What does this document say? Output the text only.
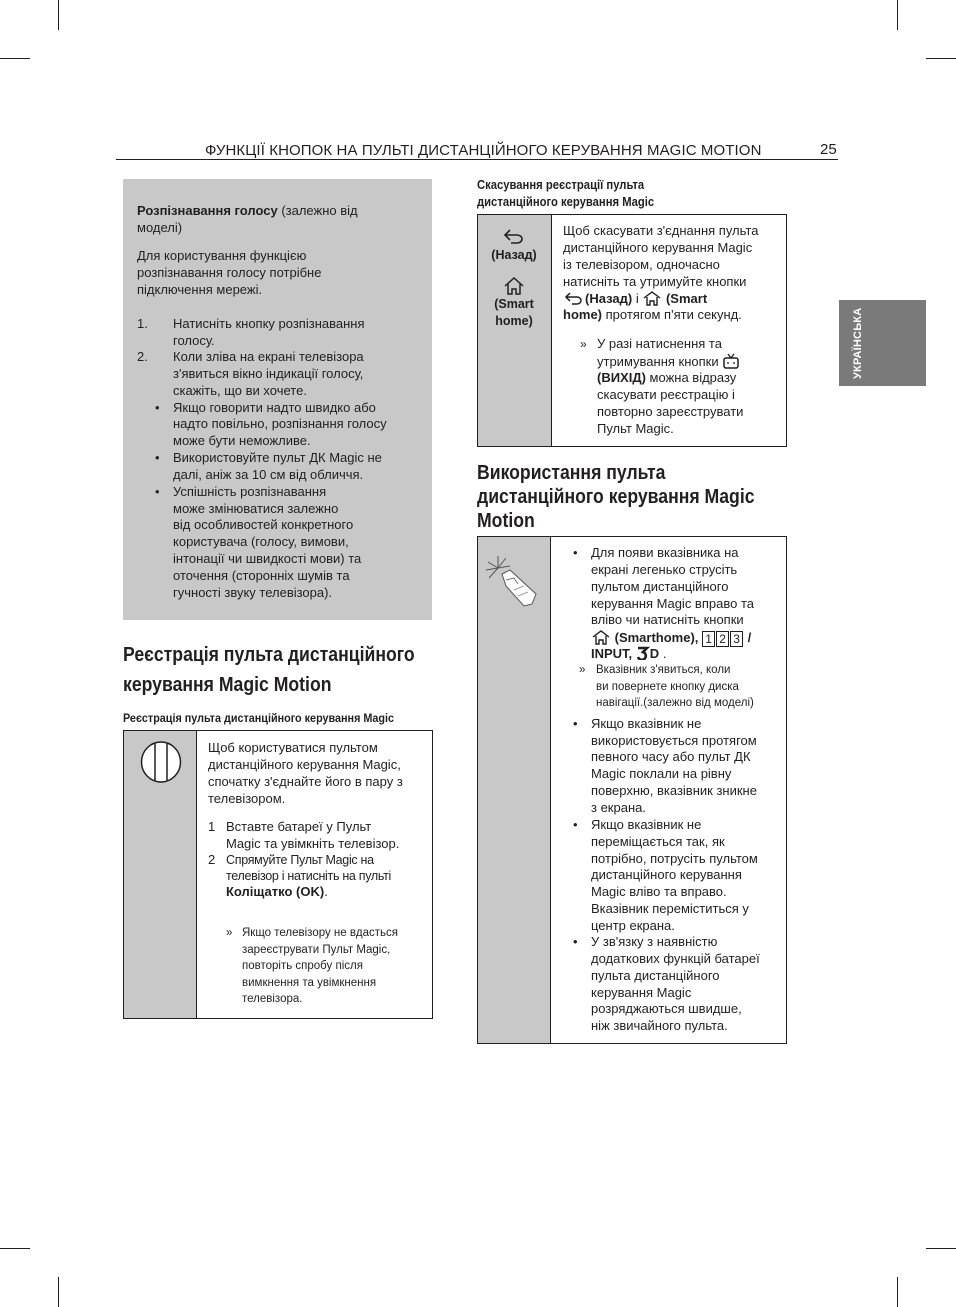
ФУНКЦІЇ КНОПОК НА ПУЛЬТІ ДИСТАНЦІЙНОГО КЕРУВАННЯ MAGIC MOTION	25
УКРАЇНСЬКА
Розпізнавання голосу (залежно від
моделі)
Для користування функцією
розпізнавання голосу потрібне
підключення мережі.
1. Натисніть кнопку розпізнавання
голосу.
2. Коли зліва на екрані телевізора
з'явиться вікно індикації голосу,
скажіть, що ви хочете.
• Якщо говорити надто швидко або
надто повільно, розпізнання голосу
може бути неможливе.
• Використовуйте пульт ДК Magic не
далі, аніж за 10 см від обличчя.
• Успішність розпізнавання
може змінюватися залежно
від особливостей конкретного
користувача (голосу, вимови,
інтонації чи швидкості мови) та
оточення (сторонніх шумів та
гучності звуку телевізора).
Реєстрація пульта дистанційного
керування Magic Motion
Реєстрація пульта дистанційного керування Magic
Щоб користуватися пультом
дистанційного керування Magic,
спочатку з'єднайте його в пару з
телевізором.
1 Вставте батареї у Пульт
Magic та увімкніть телевізор.
2 Спрямуйте Пульт Magic на
телевізор і натисніть на пульті
Коліщатко (OK).
» Якщо телевізору не вдасться
зареєструвати Пульт Magic,
повторіть спробу після
вимкнення та увімкнення
телевізора.
Скасування реєстрації пульта
дистанційного керування Magic
(Назад)
(Smart
home)
Щоб скасувати з'єднання пульта
дистанційного керування Magic
із телевізором, одночасно
натисніть та утримуйте кнопки
(Назад) і  (Smart
home) протягом п'яти секунд.
» У разі натиснення та
утримування кнопки
(ВИХІД) можна відразу
скасувати реєстрацію і
повторно зареєструвати
Пульт Magic.
Використання пульта
дистанційного керування Magic
Motion
• Для появи вказівника на
екрані легенько струсіть
пультом дистанційного
керування Magic вправо та
вліво чи натисніть кнопки
(Smarthome), 1 2 3 /
INPUT, D .
» Вказівник з'явиться, коли
ви повернете кнопку диска
навігації.(залежно від моделі)
• Якщо вказівник не
використовується протягом
певного часу або пульт ДК
Magic поклали на рівну
поверхню, вказівник зникне
з екрана.
• Якщо вказівник не
переміщається так, як
потрібно, потрусіть пультом
дистанційного керування
Magic вліво та вправо.
Вказівник переміститься у
центр екрана.
• У зв'язку з наявністю
додаткових функцій батареї
пульта дистанційного
керування Magic
розряджаються швидше,
ніж звичайного пульта.
